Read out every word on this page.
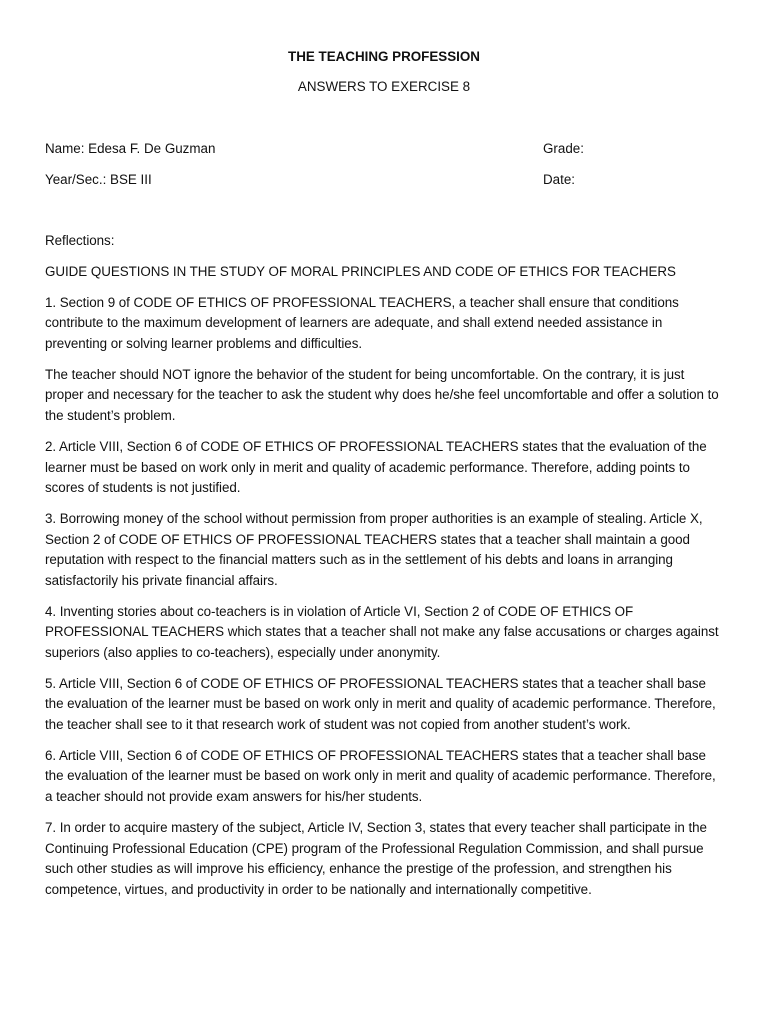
THE TEACHING PROFESSION
ANSWERS TO EXERCISE 8
Name: Edesa F. De Guzman	Grade:
Year/Sec.: BSE III	Date:

Reflections:

GUIDE QUESTIONS IN THE STUDY OF MORAL PRINCIPLES AND CODE OF ETHICS FOR TEACHERS

1. Section 9 of CODE OF ETHICS OF PROFESSIONAL TEACHERS, a teacher shall ensure that conditions contribute to the maximum development of learners are adequate, and shall extend needed assistance in preventing or solving learner problems and difficulties.

The teacher should NOT ignore the behavior of the student for being uncomfortable. On the contrary, it is just proper and necessary for the teacher to ask the student why does he/she feel uncomfortable and offer a solution to the student’s problem.

2. Article VIII, Section 6 of CODE OF ETHICS OF PROFESSIONAL TEACHERS states that the evaluation of the learner must be based on work only in merit and quality of academic performance. Therefore, adding points to scores of students is not justified.

3. Borrowing money of the school without permission from proper authorities is an example of stealing. Article X, Section 2 of CODE OF ETHICS OF PROFESSIONAL TEACHERS states that a teacher shall maintain a good reputation with respect to the financial matters such as in the settlement of his debts and loans in arranging satisfactorily his private financial affairs.

4. Inventing stories about co-teachers is in violation of Article VI, Section 2 of CODE OF ETHICS OF PROFESSIONAL TEACHERS which states that a teacher shall not make any false accusations or charges against superiors (also applies to co-teachers), especially under anonymity.

5. Article VIII, Section 6 of CODE OF ETHICS OF PROFESSIONAL TEACHERS states that a teacher shall base the evaluation of the learner must be based on work only in merit and quality of academic performance. Therefore, the teacher shall see to it that research work of student was not copied from another student’s work.

6. Article VIII, Section 6 of CODE OF ETHICS OF PROFESSIONAL TEACHERS states that a teacher shall base the evaluation of the learner must be based on work only in merit and quality of academic performance. Therefore, a teacher should not provide exam answers for his/her students.

7. In order to acquire mastery of the subject, Article IV, Section 3, states that every teacher shall participate in the Continuing Professional Education (CPE) program of the Professional Regulation Commission, and shall pursue such other studies as will improve his efficiency, enhance the prestige of the profession, and strengthen his competence, virtues, and productivity in order to be nationally and internationally competitive.
